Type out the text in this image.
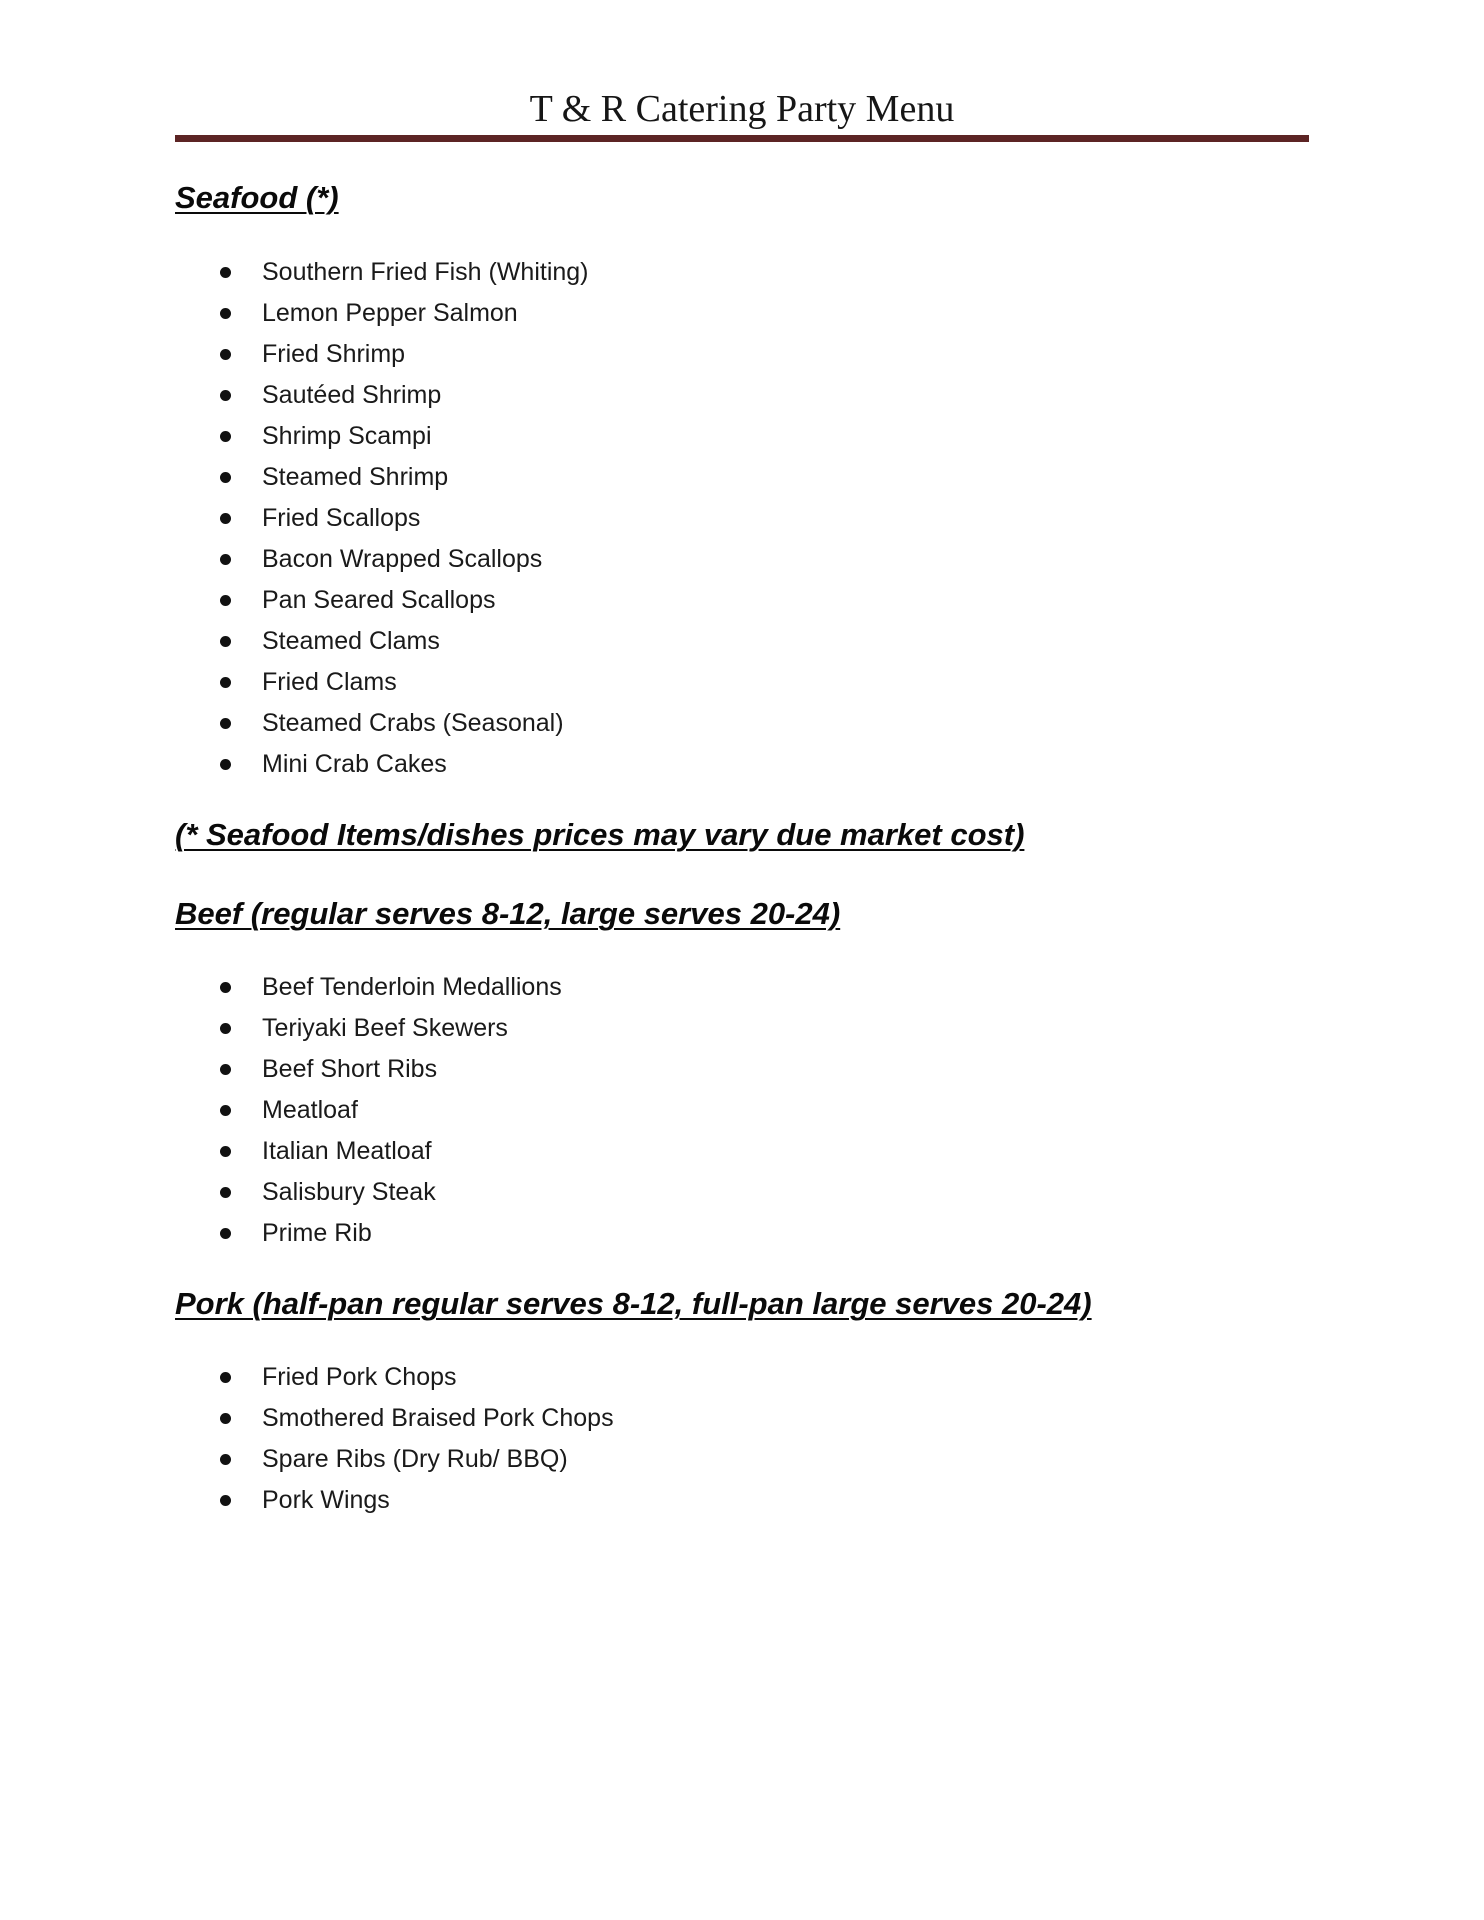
T & R Catering Party Menu
Seafood (*)
Southern Fried Fish (Whiting)
Lemon Pepper Salmon
Fried Shrimp
Sautéed Shrimp
Shrimp Scampi
Steamed Shrimp
Fried Scallops
Bacon Wrapped Scallops
Pan Seared Scallops
Steamed Clams
Fried Clams
Steamed Crabs (Seasonal)
Mini Crab Cakes
(* Seafood Items/dishes prices may vary due market cost)
Beef (regular serves 8-12, large serves 20-24)
Beef Tenderloin Medallions
Teriyaki Beef Skewers
Beef Short Ribs
Meatloaf
Italian Meatloaf
Salisbury Steak
Prime Rib
Pork (half-pan regular serves 8-12, full-pan large serves 20-24)
Fried Pork Chops
Smothered Braised Pork Chops
Spare Ribs (Dry Rub/ BBQ)
Pork Wings
